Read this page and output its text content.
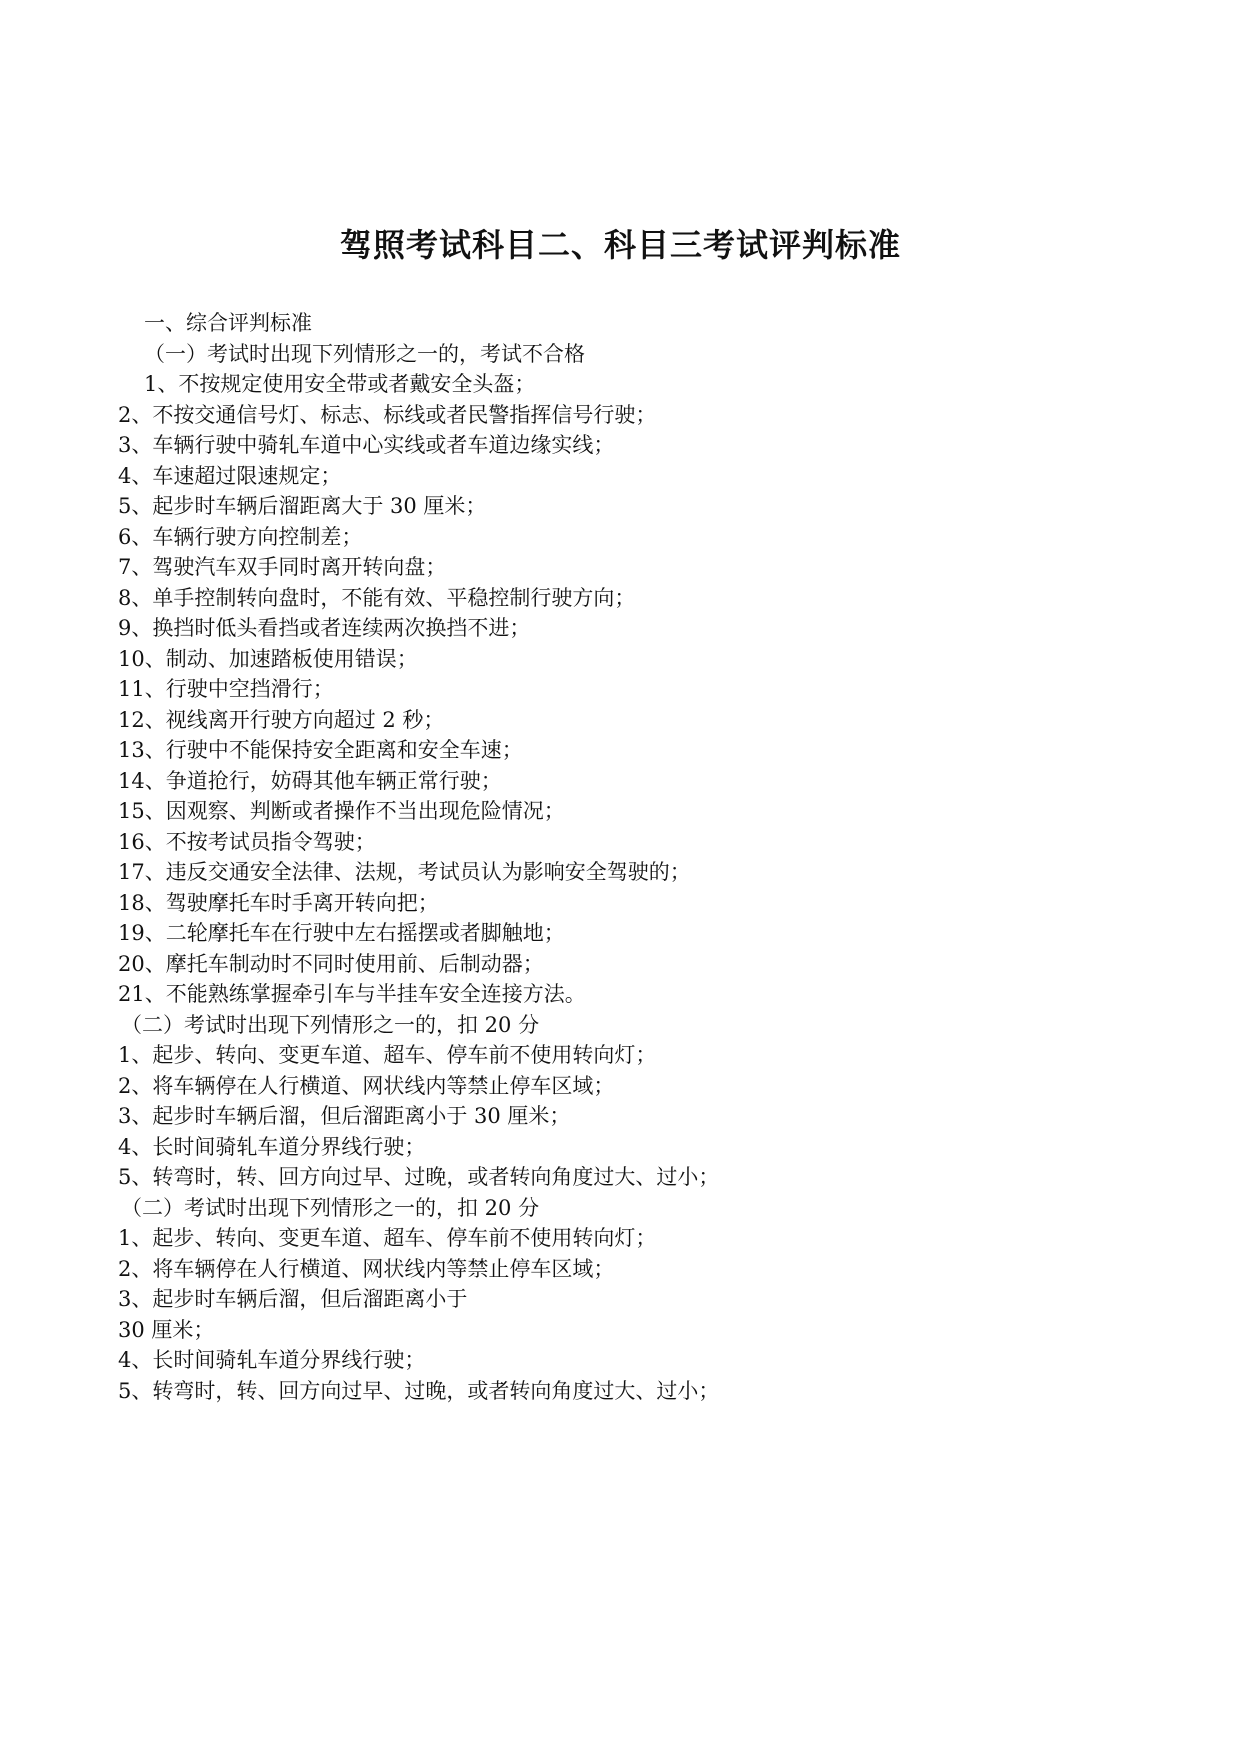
驾照考试科目二、科目三考试评判标准
一、综合评判标准
（一）考试时出现下列情形之一的，考试不合格
1、不按规定使用安全带或者戴安全头盔；
2、不按交通信号灯、标志、标线或者民警指挥信号行驶；
3、车辆行驶中骑轧车道中心实线或者车道边缘实线；
4、车速超过限速规定；
5、起步时车辆后溜距离大于 30 厘米；
6、车辆行驶方向控制差；
7、驾驶汽车双手同时离开转向盘；
8、单手控制转向盘时，不能有效、平稳控制行驶方向；
9、换挡时低头看挡或者连续两次换挡不进；
10、制动、加速踏板使用错误；
11、行驶中空挡滑行；
12、视线离开行驶方向超过 2 秒；
13、行驶中不能保持安全距离和安全车速；
14、争道抢行，妨碍其他车辆正常行驶；
15、因观察、判断或者操作不当出现危险情况；
16、不按考试员指令驾驶；
17、违反交通安全法律、法规，考试员认为影响安全驾驶的；
18、驾驶摩托车时手离开转向把；
19、二轮摩托车在行驶中左右摇摆或者脚触地；
20、摩托车制动时不同时使用前、后制动器；
21、不能熟练掌握牵引车与半挂车安全连接方法。
（二）考试时出现下列情形之一的，扣 20 分
1、起步、转向、变更车道、超车、停车前不使用转向灯；
2、将车辆停在人行横道、网状线内等禁止停车区域；
3、起步时车辆后溜，但后溜距离小于 30 厘米；
4、长时间骑轧车道分界线行驶；
5、转弯时，转、回方向过早、过晚，或者转向角度过大、过小；
（二）考试时出现下列情形之一的，扣 20 分
1、起步、转向、变更车道、超车、停车前不使用转向灯；
2、将车辆停在人行横道、网状线内等禁止停车区域；
3、起步时车辆后溜，但后溜距离小于
30 厘米；
4、长时间骑轧车道分界线行驶；
5、转弯时，转、回方向过早、过晚，或者转向角度过大、过小；
